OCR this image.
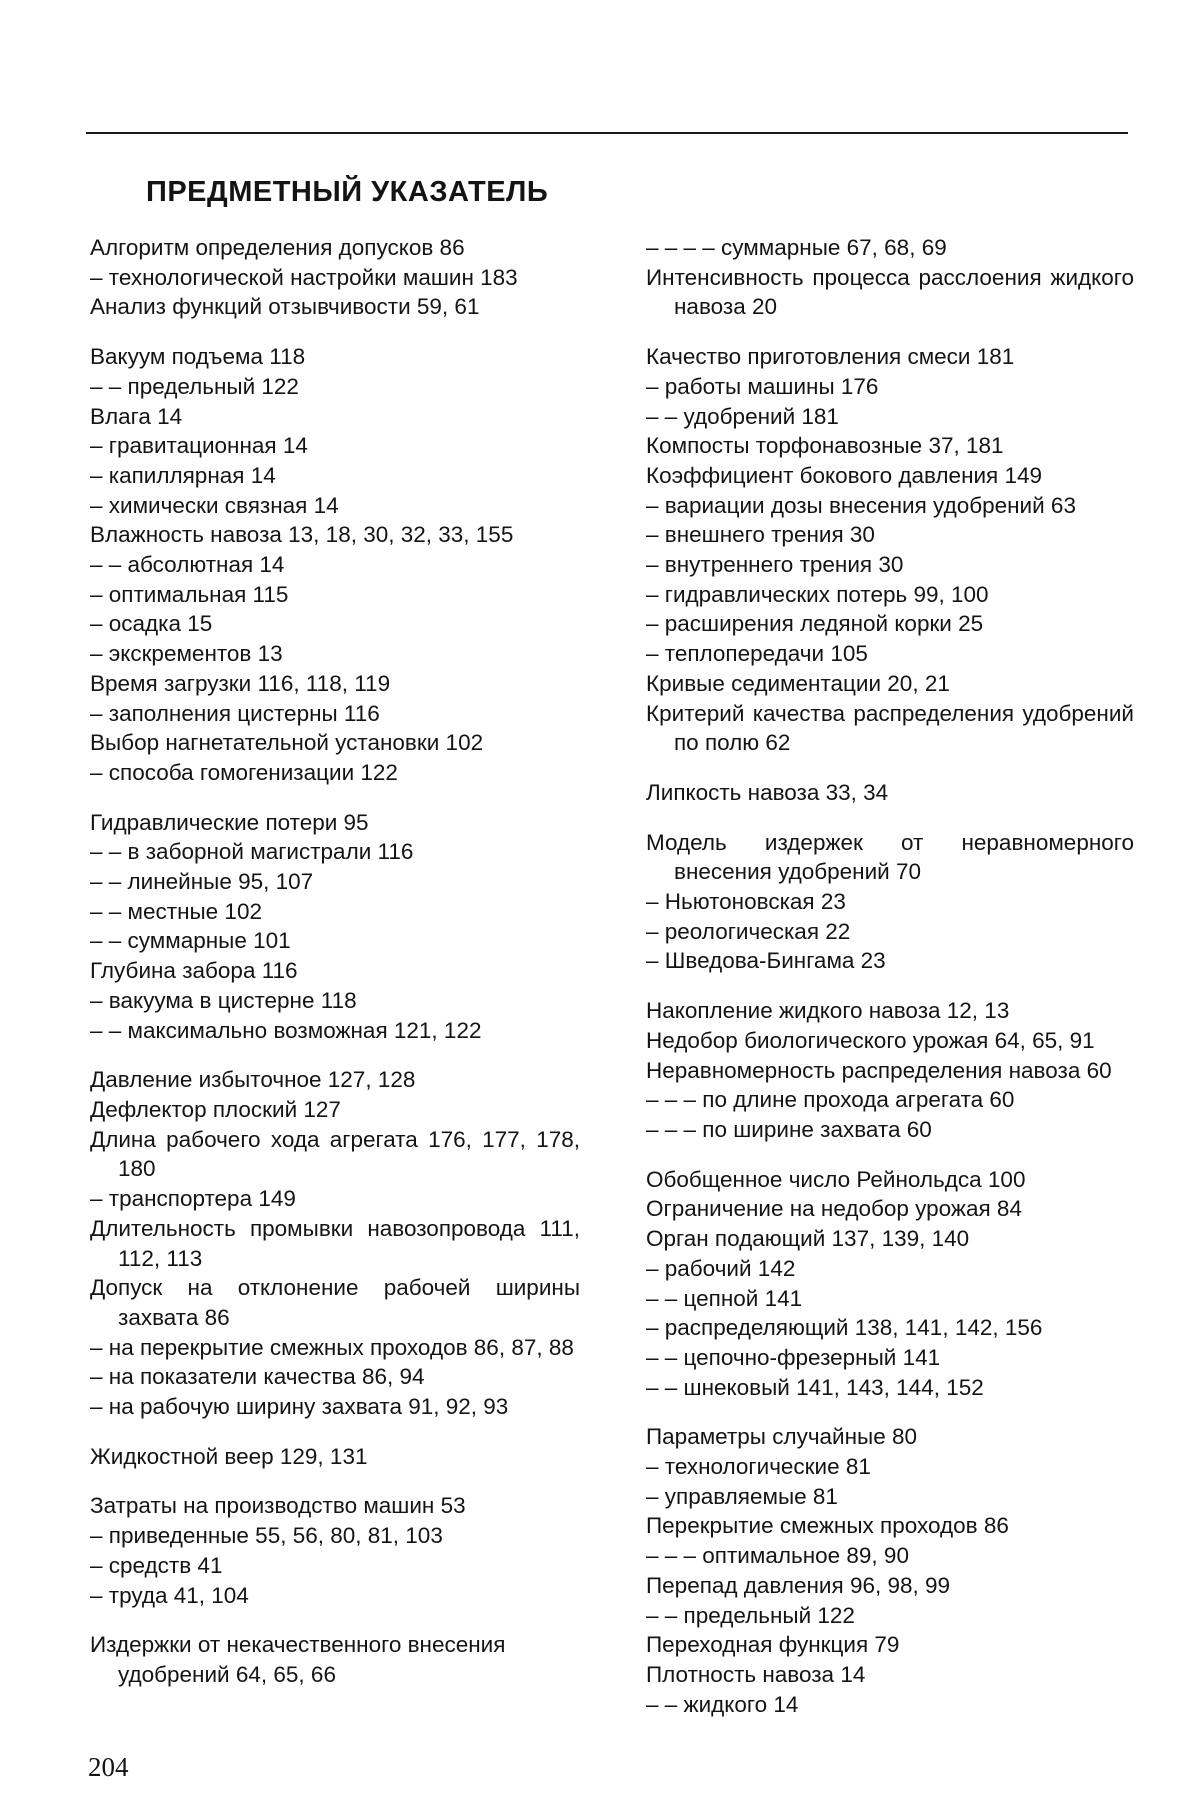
ПРЕДМЕТНЫЙ УКАЗАТЕЛЬ
Алгоритм определения допусков 86
– технологической настройки машин 183
Анализ функций отзывчивости 59, 61
Вакуум подъема 118
– – предельный 122
Влага 14
– гравитационная 14
– капиллярная 14
– химически связная 14
Влажность навоза 13, 18, 30, 32, 33, 155
– – абсолютная 14
– оптимальная 115
– осадка 15
– экскрементов 13
Время загрузки 116, 118, 119
– заполнения цистерны 116
Выбор нагнетательной установки 102
– способа гомогенизации 122
Гидравлические потери 95
– – в заборной магистрали 116
– – линейные 95, 107
– – местные 102
– – суммарные 101
Глубина забора 116
– вакуума в цистерне 118
– – максимально возможная 121, 122
Давление избыточное 127, 128
Дефлектор плоский 127
Длина рабочего хода агрегата 176, 177, 178, 180
– транспортера 149
Длительность промывки навозопровода 111, 112, 113
Допуск на отклонение рабочей ширины захвата 86
– на перекрытие смежных проходов 86, 87, 88
– на показатели качества 86, 94
– на рабочую ширину захвата 91, 92, 93
Жидкостной веер 129, 131
Затраты на производство машин 53
– приведенные 55, 56, 80, 81, 103
– средств 41
– труда 41, 104
Издержки от некачественного внесения удобрений 64, 65, 66
– – – – суммарные 67, 68, 69
Интенсивность процесса расслоения жидкого навоза 20
Качество приготовления смеси 181
– работы машины 176
– – удобрений 181
Компосты торфонавозные 37, 181
Коэффициент бокового давления 149
– вариации дозы внесения удобрений 63
– внешнего трения 30
– внутреннего трения 30
– гидравлических потерь 99, 100
– расширения ледяной корки 25
– теплопередачи 105
Кривые седиментации 20, 21
Критерий качества распределения удобрений по полю 62
Липкость навоза 33, 34
Модель издержек от неравномерного внесения удобрений 70
– Ньютоновская 23
– реологическая 22
– Шведова-Бингама 23
Накопление жидкого навоза 12, 13
Недобор биологического урожая 64, 65, 91
Неравномерность распределения навоза 60
– – – по длине прохода агрегата 60
– – – по ширине захвата 60
Обобщенное число Рейнольдса 100
Ограничение на недобор урожая 84
Орган подающий 137, 139, 140
– рабочий 142
– – цепной 141
– распределяющий 138, 141, 142, 156
– – цепочно-фрезерный 141
– – шнековый 141, 143, 144, 152
Параметры случайные 80
– технологические 81
– управляемые 81
Перекрытие смежных проходов 86
– – – оптимальное 89, 90
Перепад давления 96, 98, 99
– – предельный 122
Переходная функция 79
Плотность навоза 14
– – жидкого 14
204
